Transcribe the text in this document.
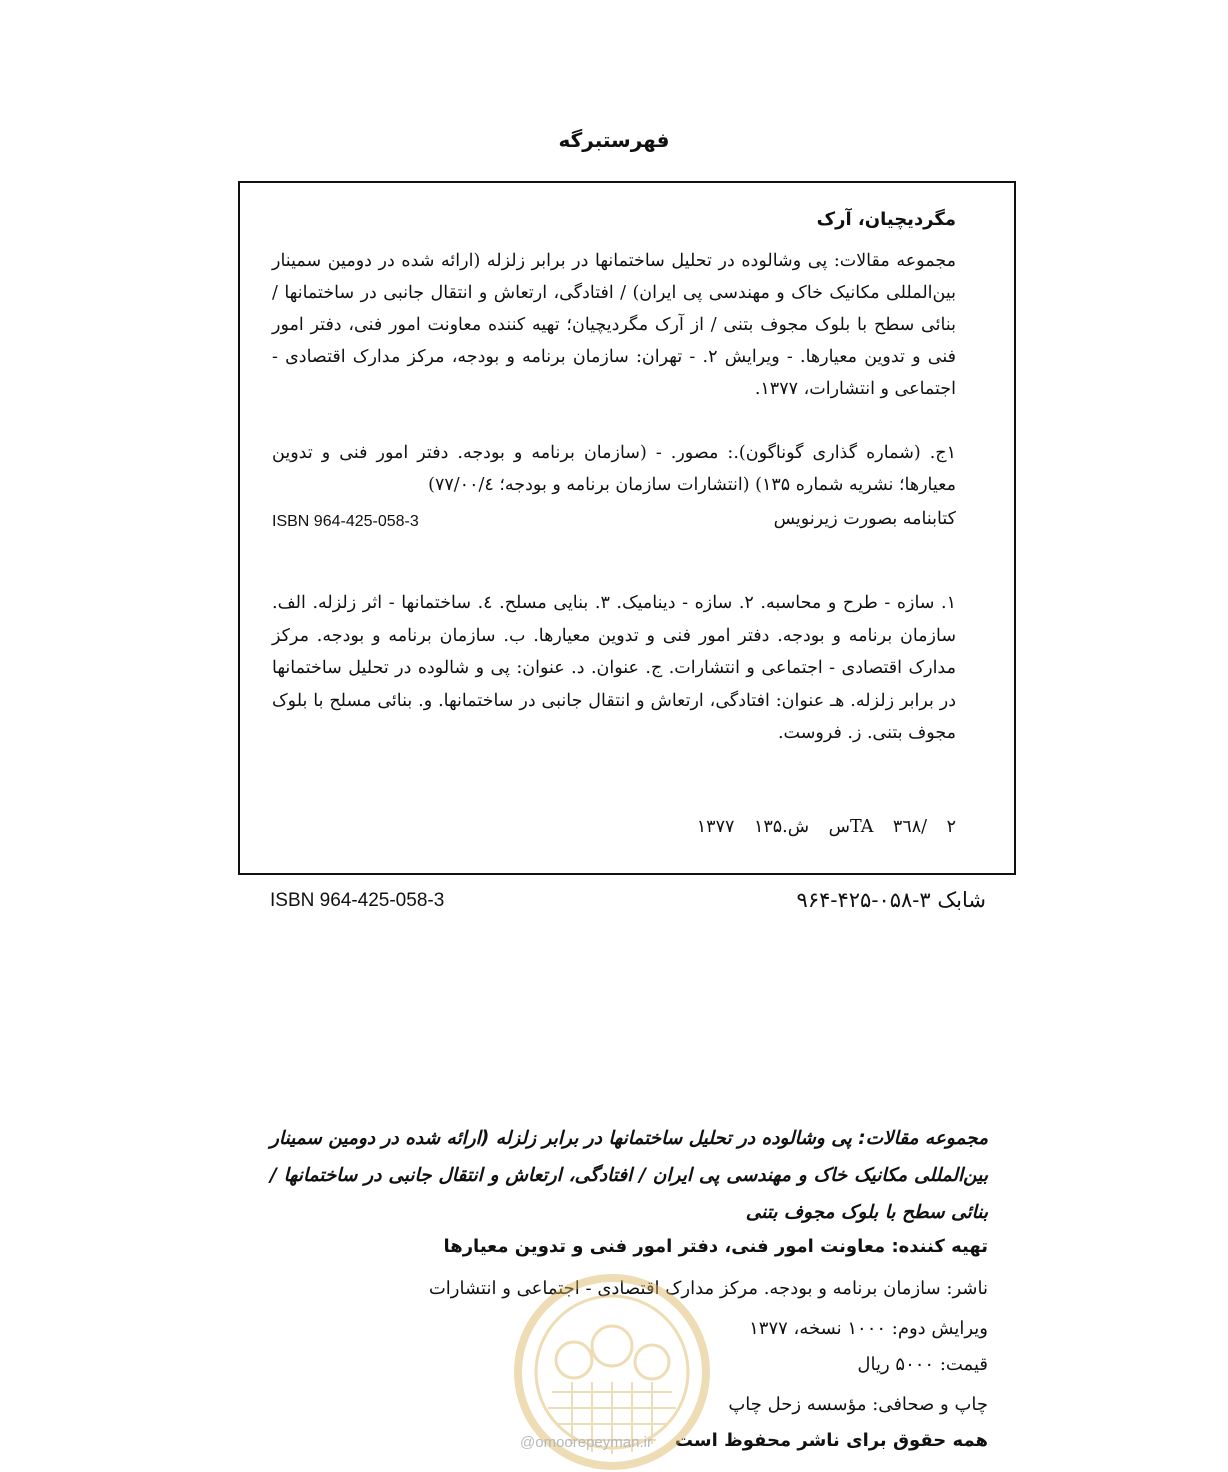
فهرستبرگه
مگردیچیان، آرک
مجموعه مقالات: پی وشالوده در تحلیل ساختمانها در برابر زلزله (ارائه شده در دومین سمینار بین‌المللی مکانیک خاک و مهندسی پی ایران) / افتادگی، ارتعاش و انتقال جانبی در ساختمانها / بنائی سطح با بلوک مجوف بتنی / از آرک مگردیچیان؛ تهیه کننده معاونت امور فنی، دفتر امور فنی و تدوین معیارها. - ویرایش ۲. - تهران: سازمان برنامه و بودجه، مرکز مدارک اقتصادی - اجتماعی و انتشارات، ۱۳۷۷.
۱ج. (شماره گذاری گوناگون).: مصور. - (سازمان برنامه و بودجه. دفتر امور فنی و تدوین معیارها؛ نشریه شماره ۱۳۵) (انتشارات سازمان برنامه و بودجه؛ ۷۷/۰۰/٤)
کتابنامه بصورت زیرنویس
ISBN 964-425-058-3
۱. سازه - طرح و محاسبه. ۲. سازه - دینامیک. ۳. بنایی مسلح. ٤. ساختمانها - اثر زلزله. الف. سازمان برنامه و بودجه. دفتر امور فنی و تدوین معیارها. ب. سازمان برنامه و بودجه. مرکز مدارک اقتصادی - اجتماعی و انتشارات. ج. عنوان. د. عنوان: پی و شالوده در تحلیل ساختمانها در برابر زلزله. هـ عنوان: افتادگی، ارتعاش و انتقال جانبی در ساختمانها. و. بنائی مسلح با بلوک مجوف بتنی. ز. فروست.
TA ۳٦۸/ ۲س ش.۱۳۵ ۱۳۷۷
ISBN 964-425-058-3	شابک ۳-۰۵۸-۴۲۵-۹۶۴
مجموعه مقالات: پی وشالوده در تحلیل ساختمانها در برابر زلزله (ارائه شده در دومین سمینار بین‌المللی مکانیک خاک و مهندسی پی ایران / افتادگی، ارتعاش و انتقال جانبی در ساختمانها / بنائی سطح با بلوک مجوف بتنی
تهیه کننده: معاونت امور فنی، دفتر امور فنی و تدوین معیارها
ناشر: سازمان برنامه و بودجه. مرکز مدارک اقتصادی - اجتماعی و انتشارات
ویرایش دوم: ۱۰۰۰ نسخه، ۱۳۷۷
قیمت: ۵۰۰۰ ریال
چاپ و صحافی: مؤسسه زحل چاپ
همه حقوق برای ناشر محفوظ است
@omoorepeyman.ir
